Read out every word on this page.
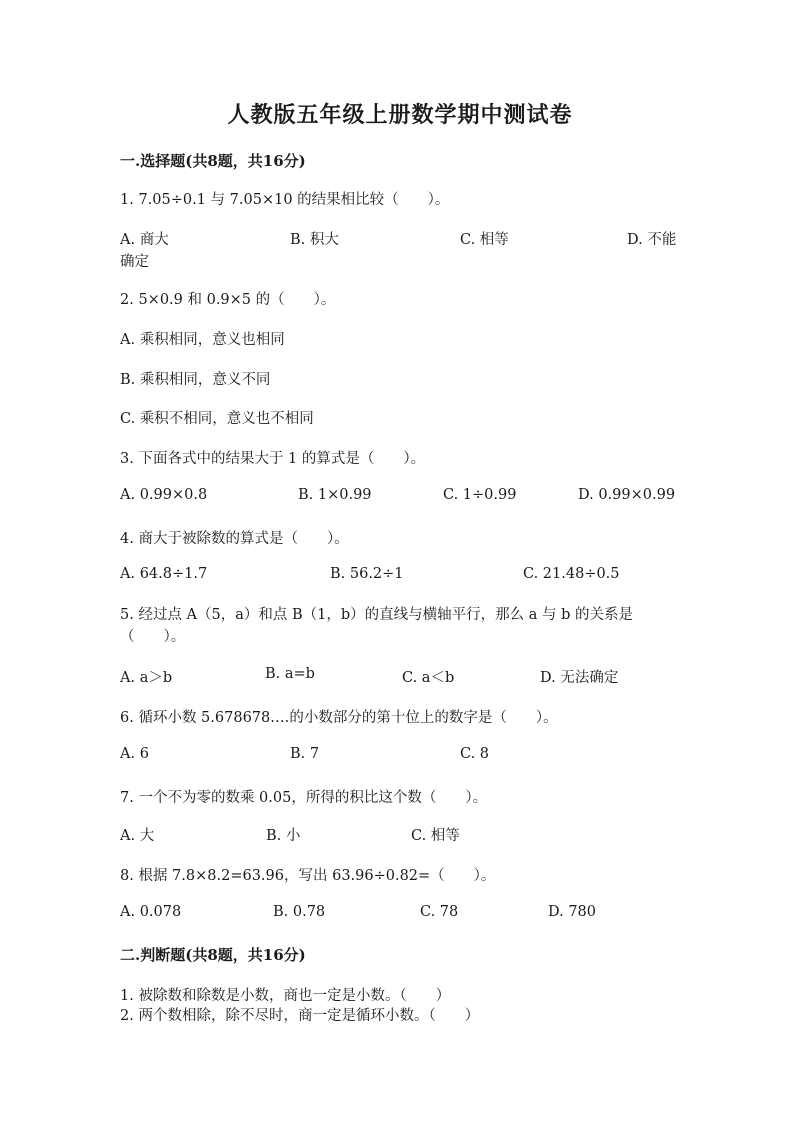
人教版五年级上册数学期中测试卷
一.选择题(共8题，共16分)
1. 7.05÷0.1 与 7.05×10 的结果相比较（　　）。
A. 商大	B. 积大	C. 相等	D. 不能
确定
2. 5×0.9 和 0.9×5 的（　　）。
A. 乘积相同，意义也相同
B. 乘积相同，意义不同
C. 乘积不相同，意义也不相同
3. 下面各式中的结果大于 1 的算式是（　　）。
A. 0.99×0.8	B. 1×0.99	C. 1÷0.99	D. 0.99×0.99
4. 商大于被除数的算式是（　　）。
A. 64.8÷1.7	B. 56.2÷1	C. 21.48÷0.5
5. 经过点 A（5，a）和点 B（1，b）的直线与横轴平行，那么 a 与 b 的关系是（　　）。
A. a＞b	B. a=b	C. a＜b	D. 无法确定
6. 循环小数 5.678678.…的小数部分的第十位上的数字是（　　）。
A. 6	B. 7	C. 8
7. 一个不为零的数乘 0.05，所得的积比这个数（　　）。
A. 大	B. 小	C. 相等
8. 根据 7.8×8.2=63.96，写出 63.96÷0.82=（　　）。
A. 0.078	B. 0.78	C. 78	D. 780
二.判断题(共8题，共16分)
1. 被除数和除数是小数，商也一定是小数。（　　）
2. 两个数相除，除不尽时，商一定是循环小数。（　　）
